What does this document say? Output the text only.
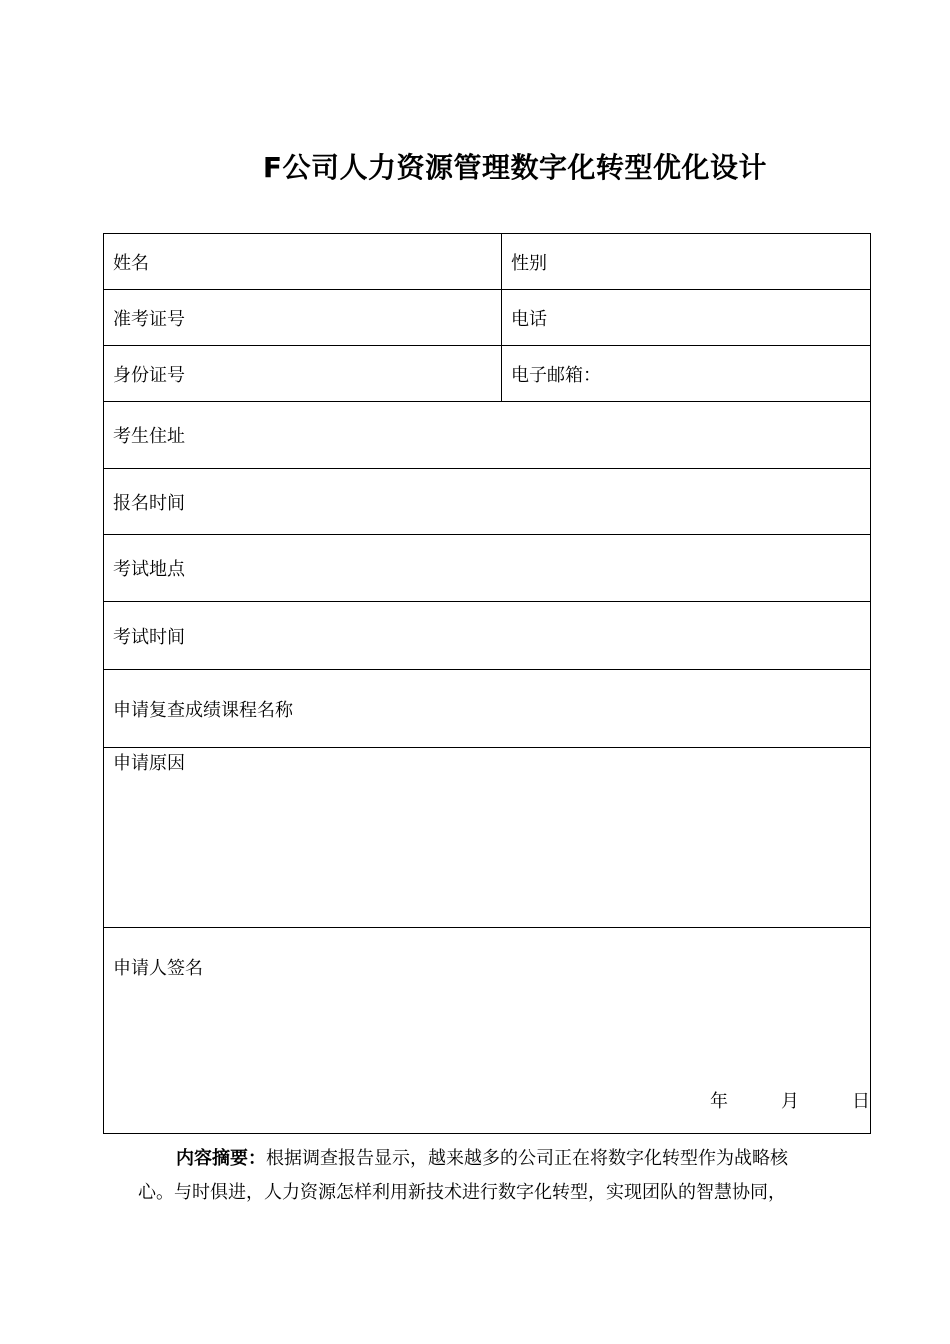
F公司人力资源管理数字化转型优化设计
姓名	性别
准考证号	电话
身份证号	电子邮箱：
考生住址	
报名时间	
考试地点	
考试时间	
申请复查成绩课程名称	
申请原因	
申请人签名
年 月 日	

内容摘要：根据调查报告显示，越来越多的公司正在将数字化转型作为战略核

心。与时俱进，人力资源怎样利用新技术进行数字化转型，实现团队的智慧协同，
